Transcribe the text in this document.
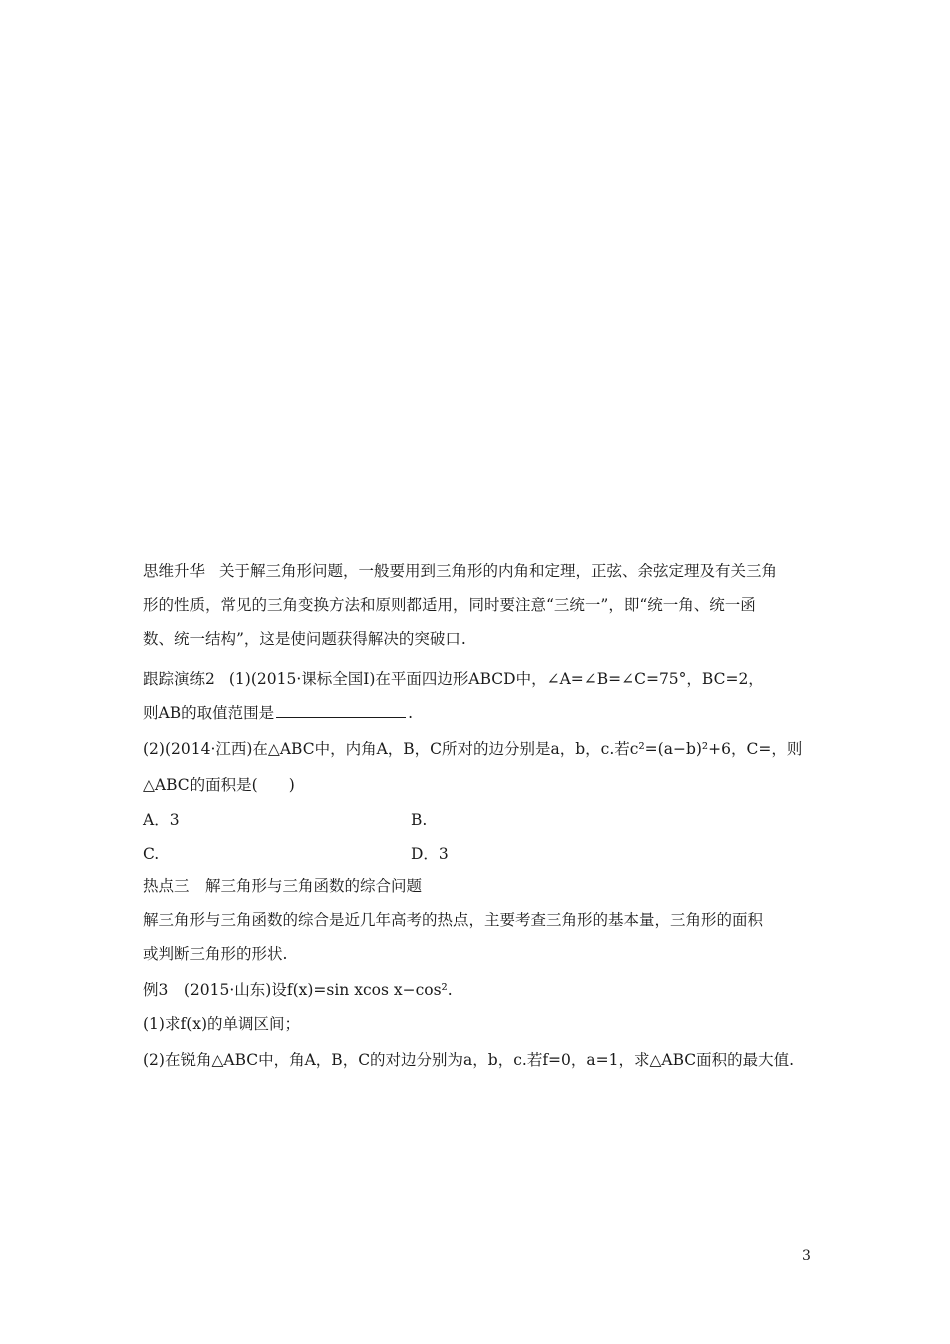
思维升华 关于解三角形问题，一般要用到三角形的内角和定理，正弦、余弦定理及有关三角
形的性质，常见的三角变换方法和原则都适用，同时要注意“三统一”，即“统一角、统一函
数、统一结构”，这是使问题获得解决的突破口.
跟踪演练2 (1)(2015·课标全国Ⅰ)在平面四边形ABCD中，∠A=∠B=∠C=75°，BC=2，
则AB的取值范围是	.
(2)(2014·江西)在△ABC中，内角A，B，C所对的边分别是a，b，c.若c²=(a−b)²+6，C=，则
△ABC的面积是(　　)
A．3	B.
C.	D．3
热点三　解三角形与三角函数的综合问题
解三角形与三角函数的综合是近几年高考的热点，主要考查三角形的基本量，三角形的面积
或判断三角形的形状.
例3　(2015·山东)设f(x)=sin xcos x−cos².
(1)求f(x)的单调区间；
(2)在锐角△ABC中，角A，B，C的对边分别为a，b，c.若f=0，a=1，求△ABC面积的最大值.
3
